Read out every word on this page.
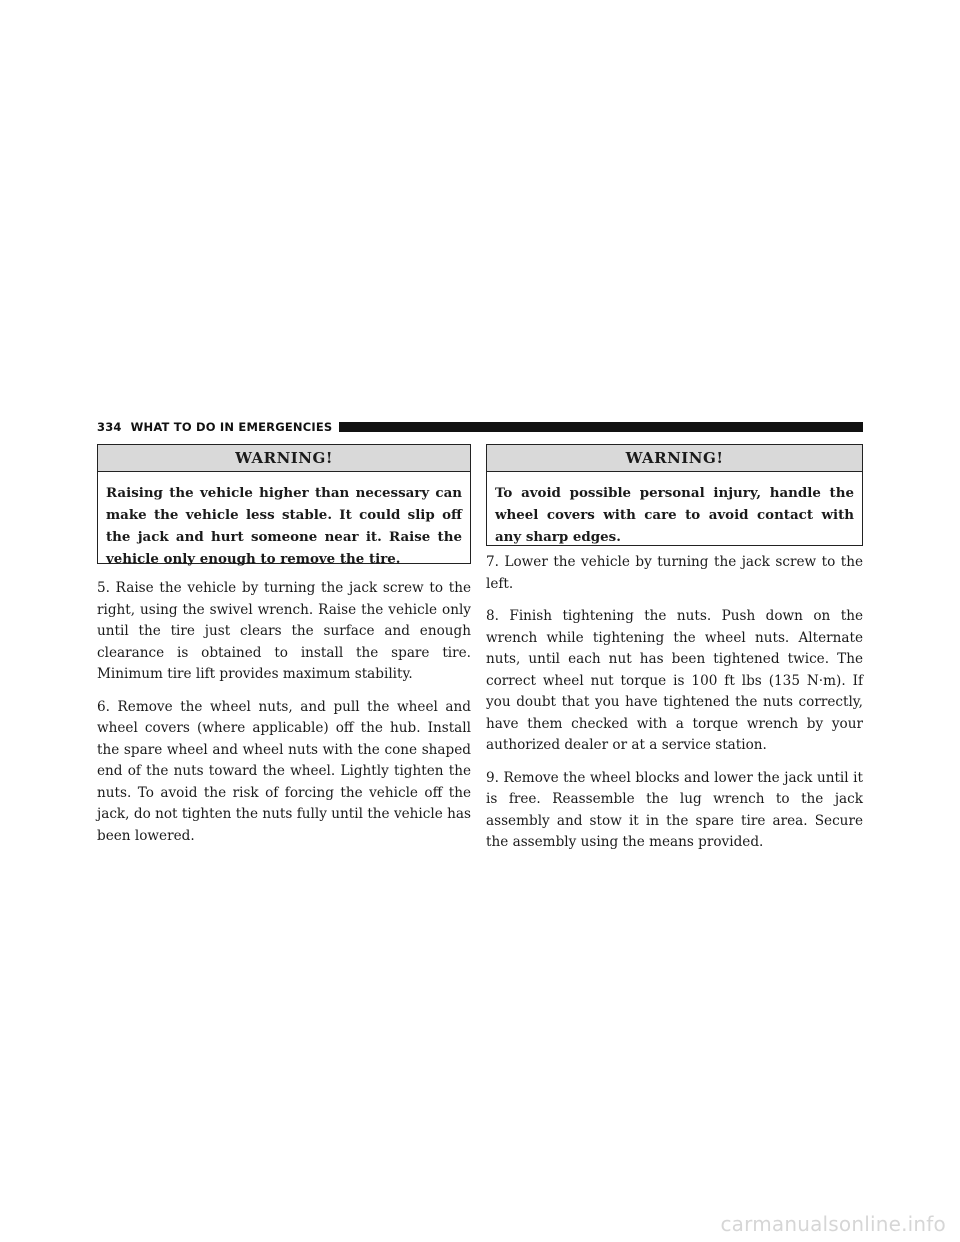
334 WHAT TO DO IN EMERGENCIES
WARNING!
Raising the vehicle higher than necessary can make the vehicle less stable. It could slip off the jack and hurt someone near it. Raise the vehicle only enough to remove the tire.

5. Raise the vehicle by turning the jack screw to the right, using the swivel wrench. Raise the vehicle only until the tire just clears the surface and enough clearance is obtained to install the spare tire. Minimum tire lift provides maximum stability.

6. Remove the wheel nuts, and pull the wheel and wheel covers (where applicable) off the hub. Install the spare wheel and wheel nuts with the cone shaped end of the nuts toward the wheel. Lightly tighten the nuts. To avoid the risk of forcing the vehicle off the jack, do not tighten the nuts fully until the vehicle has been lowered.

WARNING!
To avoid possible personal injury, handle the wheel covers with care to avoid contact with any sharp edges.

7. Lower the vehicle by turning the jack screw to the left.

8. Finish tightening the nuts. Push down on the wrench while tightening the wheel nuts. Alternate nuts, until each nut has been tightened twice. The correct wheel nut torque is 100 ft lbs (135 N·m). If you doubt that you have tightened the nuts correctly, have them checked with a torque wrench by your authorized dealer or at a service station.

9. Remove the wheel blocks and lower the jack until it is free. Reassemble the lug wrench to the jack assembly and stow it in the spare tire area. Secure the assembly using the means provided.

carmanualsonline.info
